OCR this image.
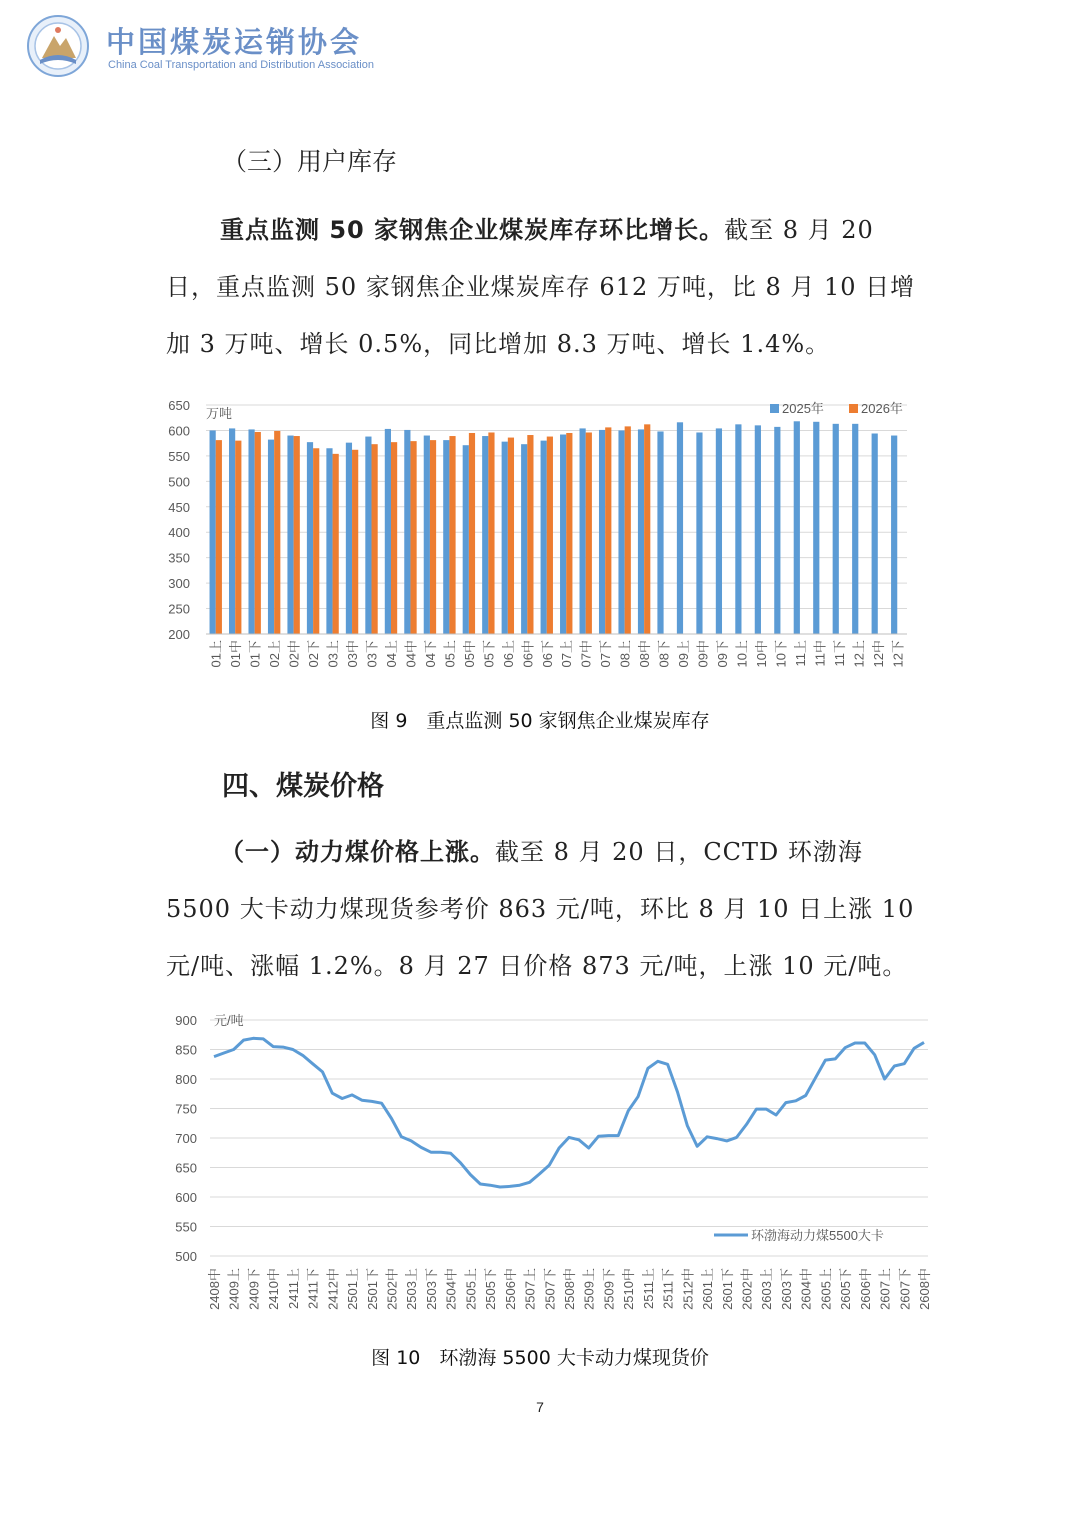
中国煤炭运销协会
China Coal Transportation and Distribution Association
（三）用户库存
重点监测 50 家钢焦企业煤炭库存环比增长。截至 8 月 20 日，重点监测 50 家钢焦企业煤炭库存 612 万吨，比 8 月 10 日增加 3 万吨、增长 0.5%，同比增加 8.3 万吨、增长 1.4%。
200
250
300
350
400
450
500
550
600
650
万吨
01上 01中 01下 02上 02中 02下 03上 03中 03下 04上 04中 04下 05上 05中 05下 06上 06中 06下 07上 07中 07下 08上 08中 08下 09上 09中 09下 10上 10中 10下 11上 11中 11下 12上 12中 12下
2025年	2026年
图 9　重点监测 50 家钢焦企业煤炭库存
四、煤炭价格
（一）动力煤价格上涨。截至 8 月 20 日，CCTD 环渤海 5500 大卡动力煤现货参考价 863 元/吨，环比 8 月 10 日上涨 10 元/吨、涨幅 1.2%。8 月 27 日价格 873 元/吨，上涨 10 元/吨。
500
550
600
650
700
750
800
850
900 元/吨
2408中 2409上 2409下 2410中 2411上 2411下 2412中 2501上 2501下 2502中 2503上 2503下 2504中 2505上 2505下 2506中 2507上 2507下 2508中 2509上 2509下 2510中 2511上 2511下 2512中 2601上 2601下 2602中 2603上 2603下 2604中 2605上 2605下 2606中 2607上 2607下 2608中
环渤海动力煤5500大卡
图 10　环渤海 5500 大卡动力煤现货价
7
